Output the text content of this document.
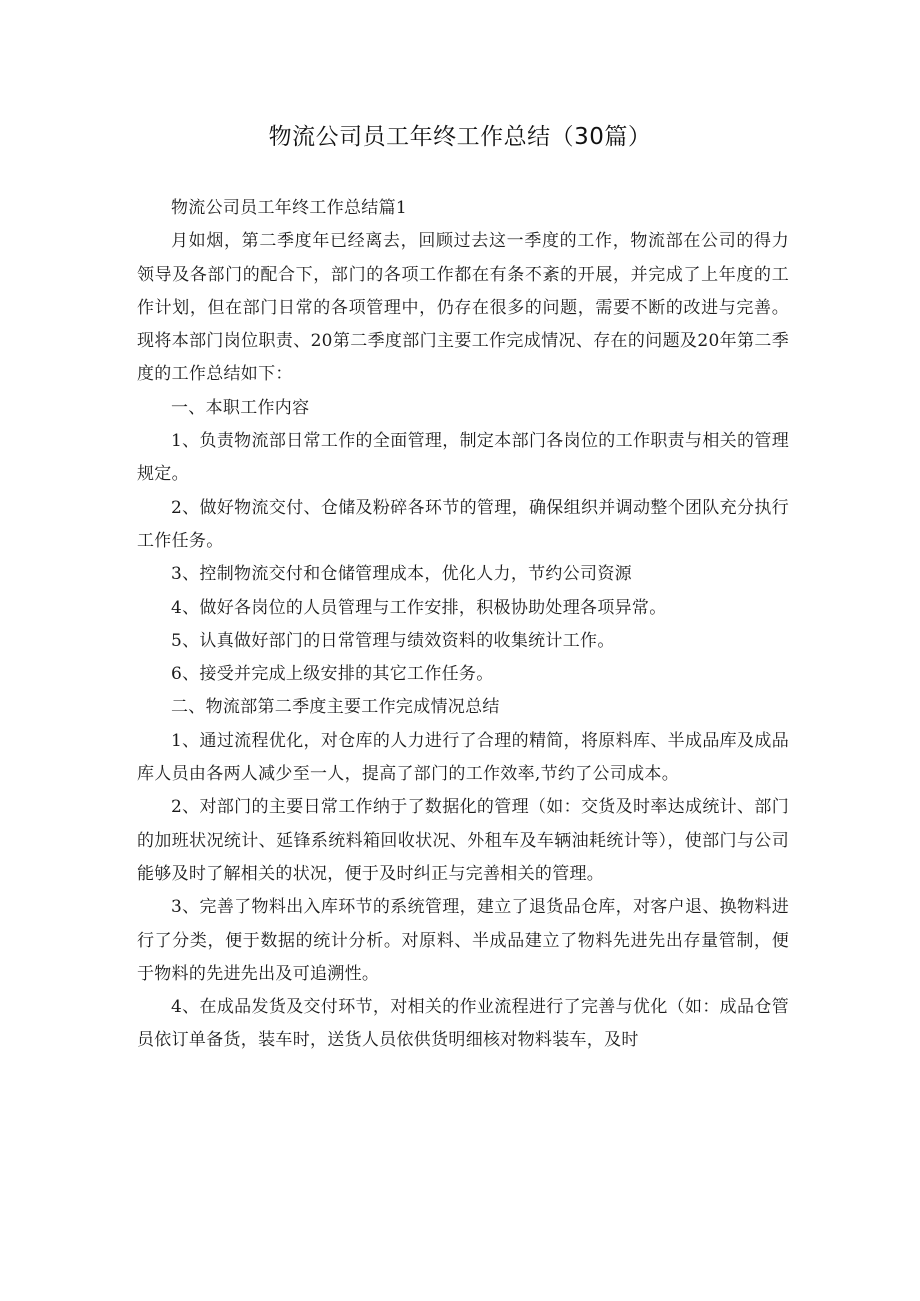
物流公司员工年终工作总结（30篇）

物流公司员工年终工作总结篇1

月如烟，第二季度年已经离去，回顾过去这一季度的工作，物流部在公司的得力领导及各部门的配合下，部门的各项工作都在有条不紊的开展，并完成了上年度的工作计划，但在部门日常的各项管理中，仍存在很多的问题，需要不断的改进与完善。现将本部门岗位职责、20第二季度部门主要工作完成情况、存在的问题及20年第二季度的工作总结如下：

一、本职工作内容

1、负责物流部日常工作的全面管理，制定本部门各岗位的工作职责与相关的管理规定。

2、做好物流交付、仓储及粉碎各环节的管理，确保组织并调动整个团队充分执行工作任务。

3、控制物流交付和仓储管理成本，优化人力，节约公司资源

4、做好各岗位的人员管理与工作安排，积极协助处理各项异常。

5、认真做好部门的日常管理与绩效资料的收集统计工作。

6、接受并完成上级安排的其它工作任务。

二、物流部第二季度主要工作完成情况总结

1、通过流程优化，对仓库的人力进行了合理的精简，将原料库、半成品库及成品库人员由各两人减少至一人，提高了部门的工作效率,节约了公司成本。

2、对部门的主要日常工作纳于了数据化的管理（如：交货及时率达成统计、部门的加班状况统计、延锋系统料箱回收状况、外租车及车辆油耗统计等），使部门与公司能够及时了解相关的状况，便于及时纠正与完善相关的管理。

3、完善了物料出入库环节的系统管理，建立了退货品仓库，对客户退、换物料进行了分类，便于数据的统计分析。对原料、半成品建立了物料先进先出存量管制，便于物料的先进先出及可追溯性。

4、在成品发货及交付环节，对相关的作业流程进行了完善与优化（如：成品仓管员依订单备货，装车时，送货人员依供货明细核对物料装车，及时
